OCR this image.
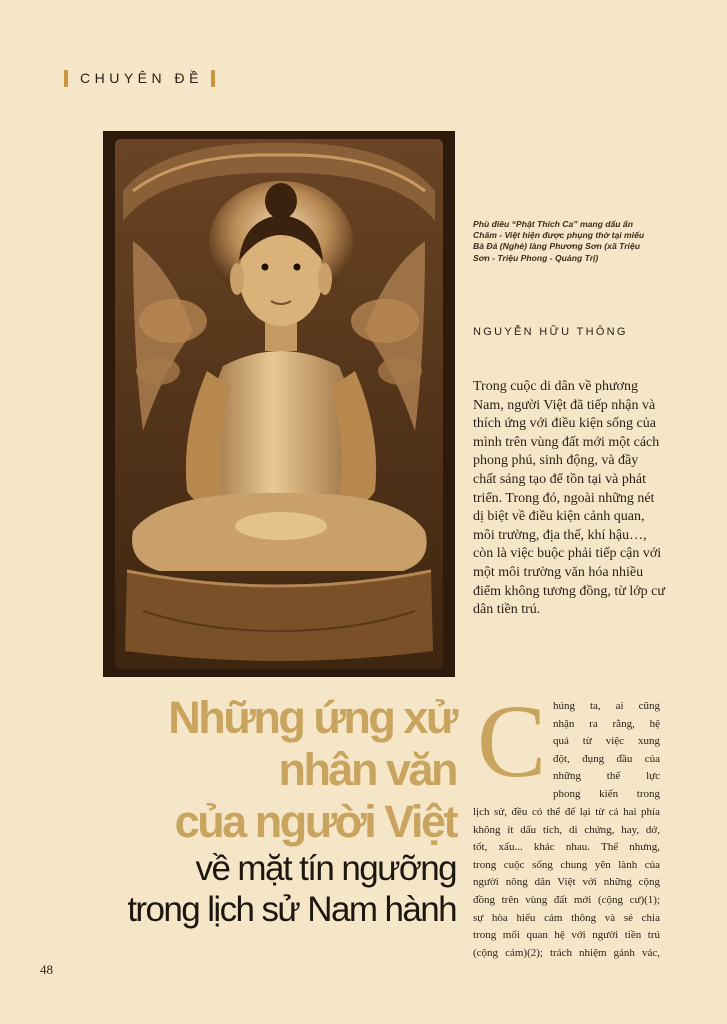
CHUYÊN ĐỀ
Phù điêu “Phật Thích Ca” mang dấu ấn Chăm - Việt hiện được phụng thờ tại miếu Bà Đá (Nghè) làng Phương Sơn (xã Triệu Sơn - Triệu Phong - Quảng Trị)
NGUYỄN HỮU THÔNG
Trong cuộc di dân về phương Nam, người Việt đã tiếp nhận và thích ứng với điều kiện sống của mình trên vùng đất mới một cách phong phú, sinh động, và đầy chất sáng tạo để tồn tại và phát triển. Trong đó, ngoài những nét dị biệt về điều kiện cảnh quan, môi trường, địa thế, khí hậu…, còn là việc buộc phải tiếp cận với một môi trường văn hóa nhiều điểm không tương đồng, từ lớp cư dân tiền trú.
Những ứng xử
nhân văn
của người Việt
về mặt tín ngưỡng
trong lịch sử Nam hành
C húng ta, ai cũng
nhận ra rằng, hệ
quả từ việc xung
đột, đụng đầu của
những thế lực
phong kiến trong
lịch sử, đều có thể để lại từ cả hai phía
không ít dấu tích, di chứng, hay, dở,
tốt, xấu... khác nhau. Thế nhưng,
trong cuộc sống chung yên lành của
người nông dân Việt với những cộng
đồng trên vùng đất mới (cộng cư)(1);
sự hòa hiếu cảm thông và sẻ chia
trong mối quan hệ với người tiền trú
(cộng cảm)(2); trách nhiệm gánh vác,
48
